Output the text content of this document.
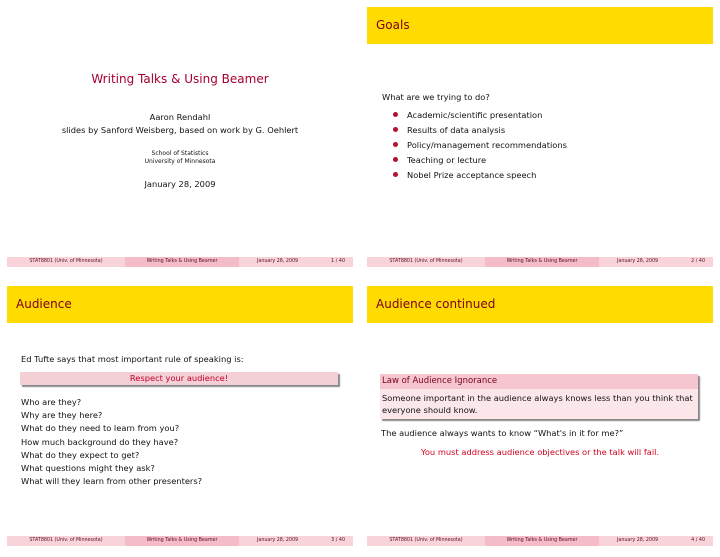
Writing Talks & Using Beamer
Aaron Rendahl
slides by Sanford Weisberg, based on work by G. Oehlert
School of Statistics
University of Minnesota
January 28, 2009
STAT8801 (Univ. of Minnesota)	Writing Talks & Using Beamer	January 28, 2009	1 / 40
Goals
What are we trying to do?
Academic/scientific presentation
Results of data analysis
Policy/management recommendations
Teaching or lecture
Nobel Prize acceptance speech
STAT8801 (Univ. of Minnesota)	Writing Talks & Using Beamer	January 28, 2009	2 / 40
Audience
Ed Tufte says that most important rule of speaking is:
Respect your audience!
Who are they?
Why are they here?
What do they need to learn from you?
How much background do they have?
What do they expect to get?
What questions might they ask?
What will they learn from other presenters?
STAT8801 (Univ. of Minnesota)	Writing Talks & Using Beamer	January 28, 2009	3 / 40
Audience continued
Law of Audience Ignorance
Someone important in the audience always knows less than you think that everyone should know.
The audience always wants to know “What's in it for me?”
You must address audience objectives or the talk will fail.
STAT8801 (Univ. of Minnesota)	Writing Talks & Using Beamer	January 28, 2009	4 / 40
